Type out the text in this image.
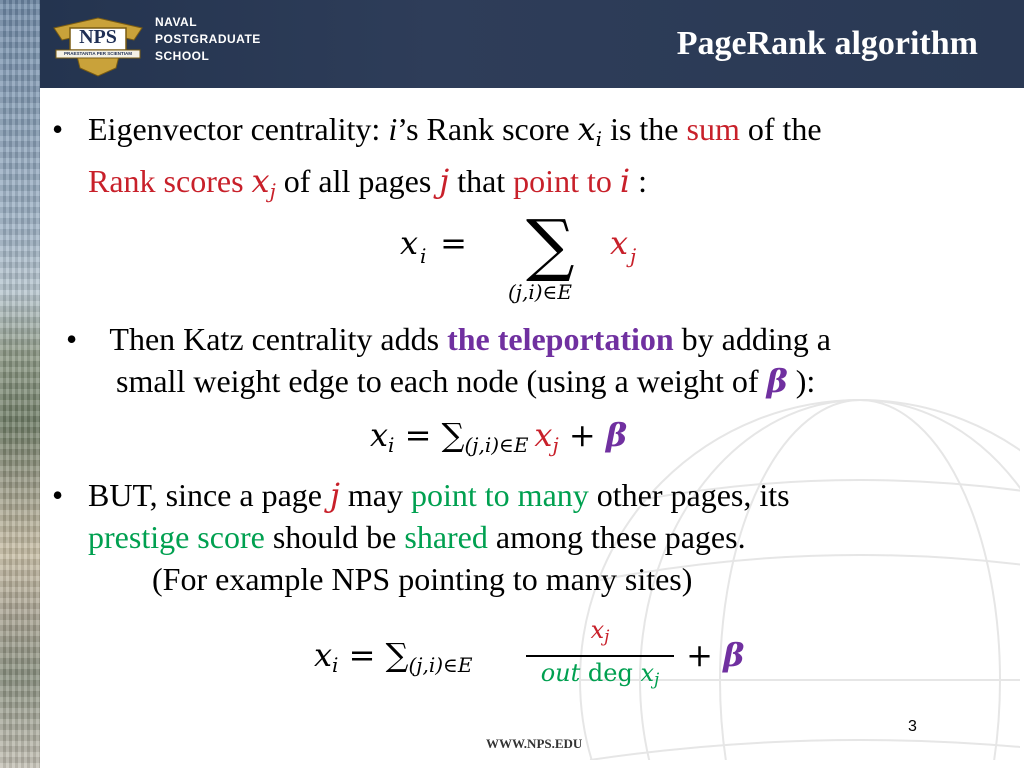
NPS
PRAESTANTIA PER SCIENTIAM
NAVAL
POSTGRADUATE
SCHOOL	PageRank algorithm
• Eigenvector centrality: i’s Rank score $x_i$ is the sum of the
Rank scores $x_j$ of all pages j that point to i :
x i = ∑
(j,i)∈E
x j
• Then Katz centrality adds the teleportation by adding a
small weight edge to each node (using a weight of β ):
$x_i = \sum_{(j,i)\in E}$ $x_j + \beta$
• BUT, since a page j may point to many other pages, its
prestige score should be shared among these pages.
(For example NPS pointing to many sites)
$x_i = \sum_{(j,i)\in E}$
xj
out deg xj
+ β
3
WWW.NPS.EDU
